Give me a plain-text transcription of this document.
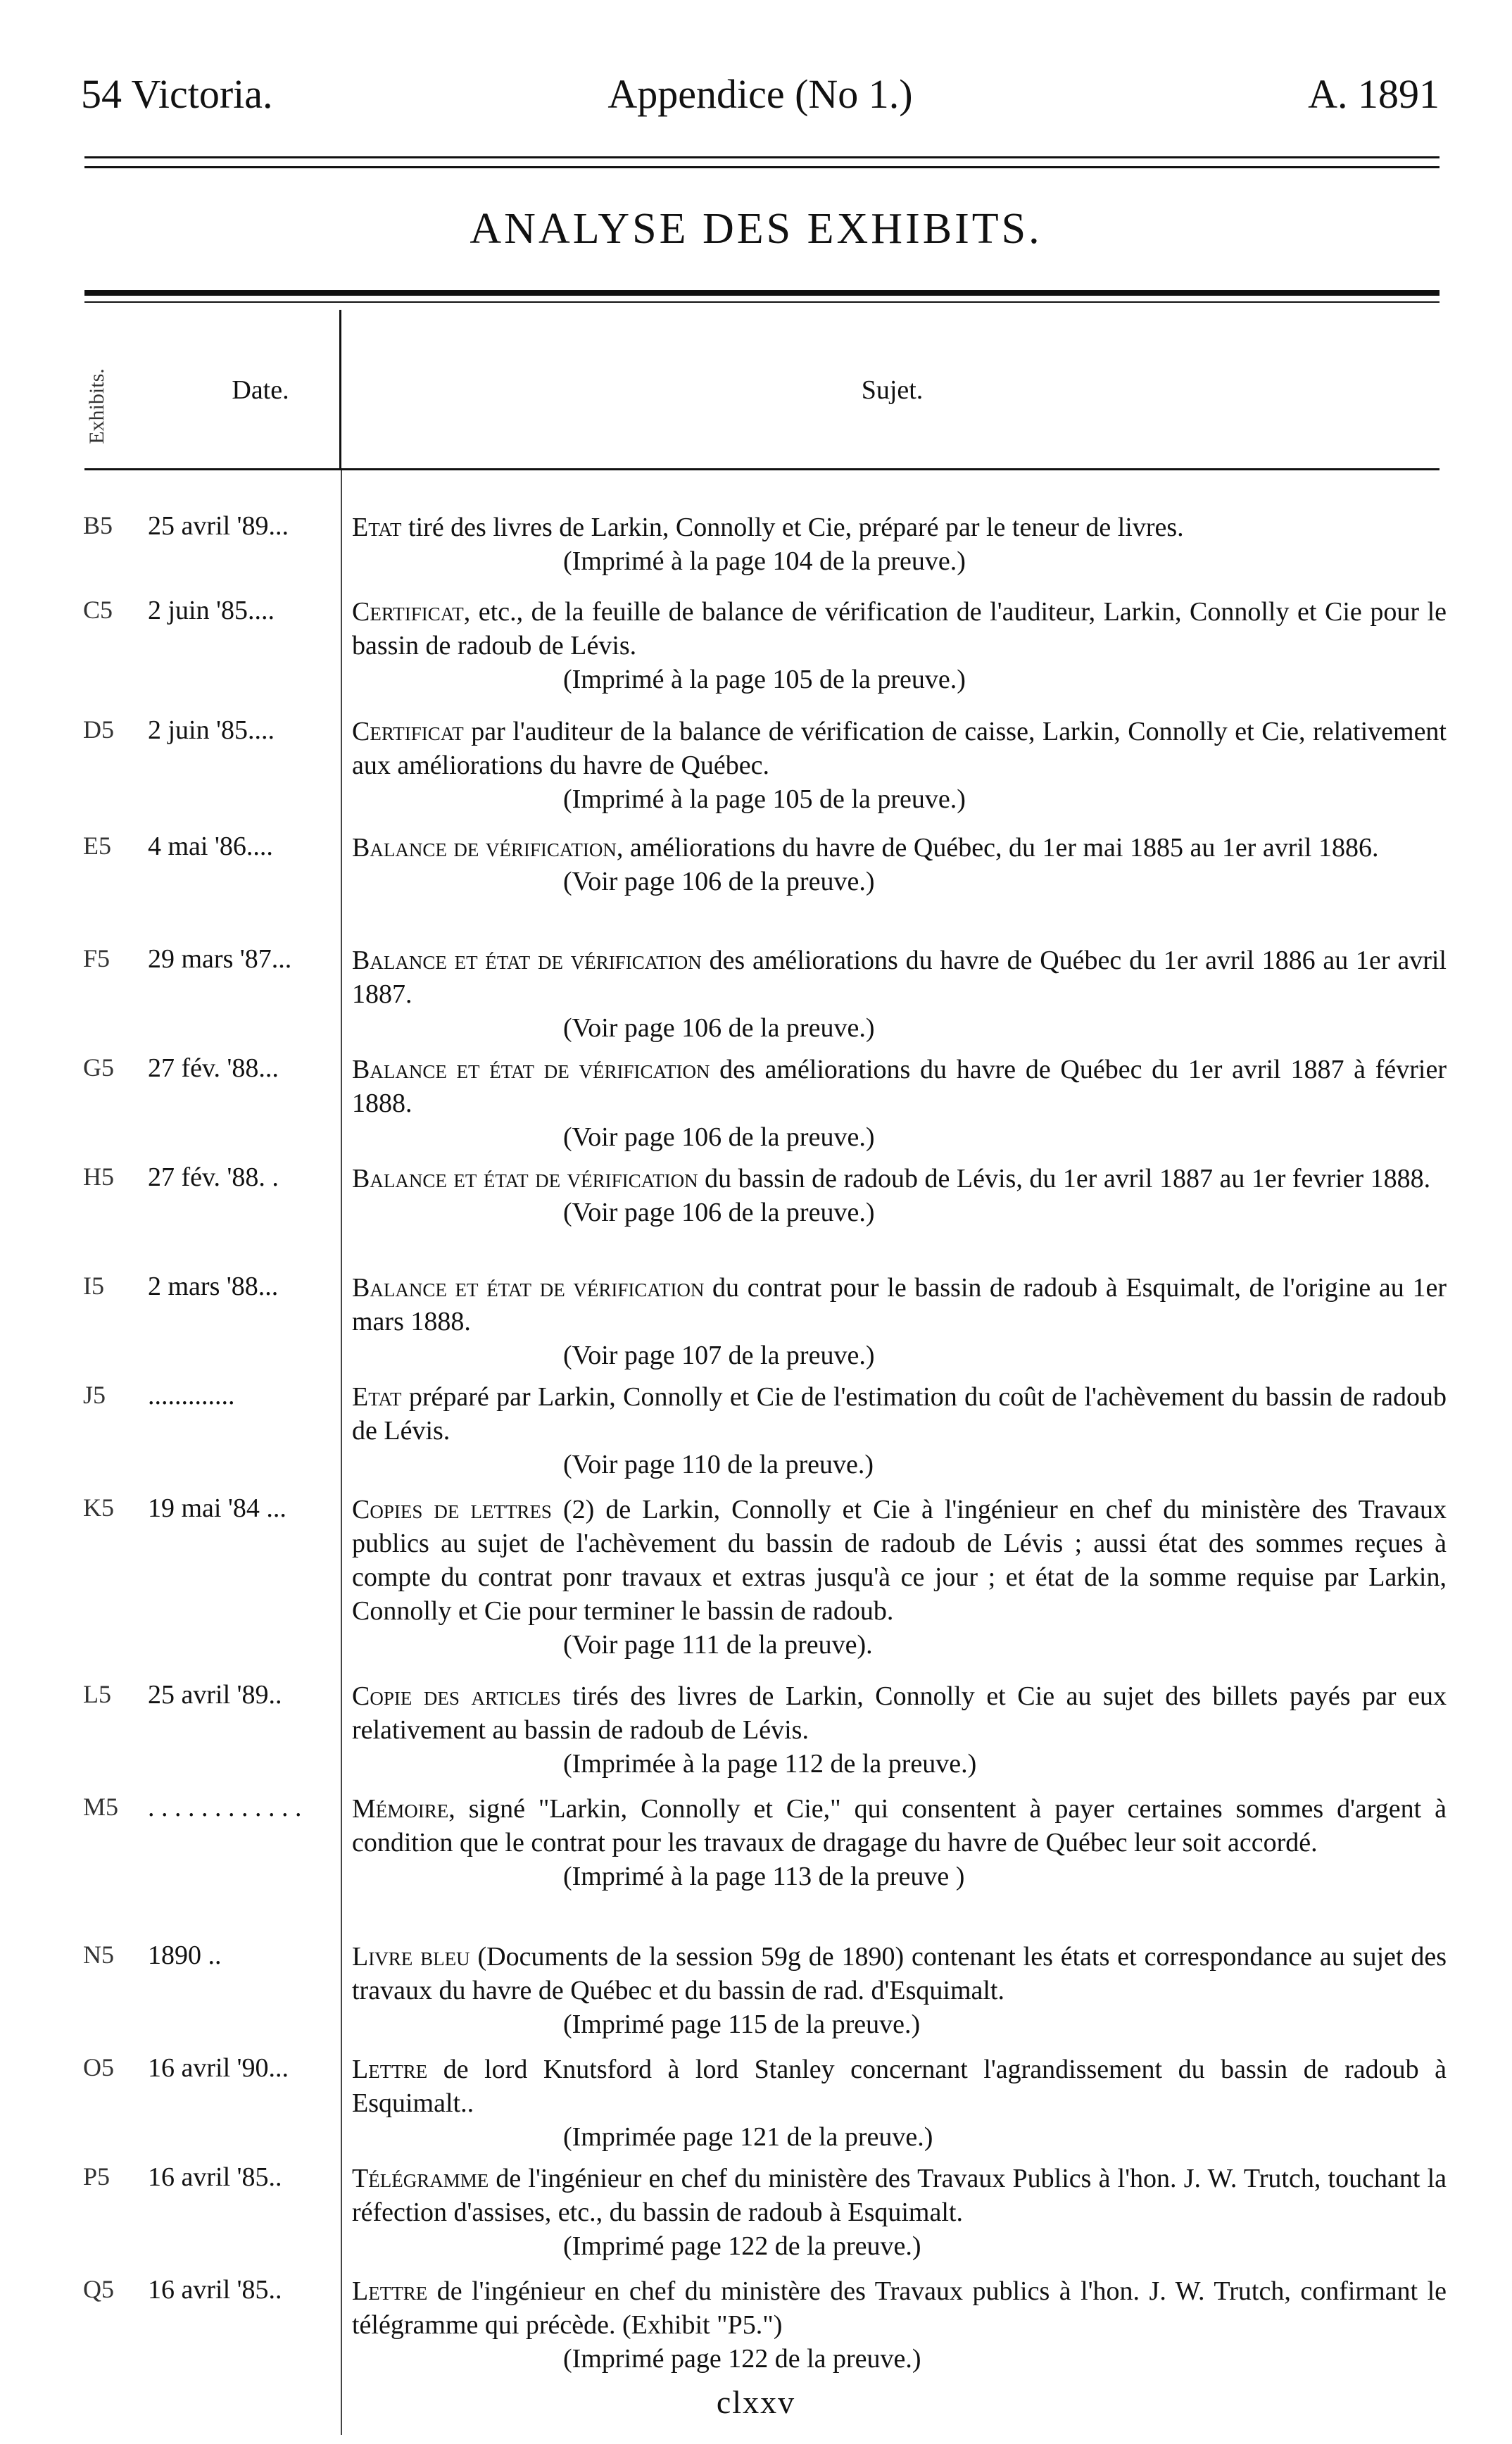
54 Victoria.	Appendice (No 1.)	A. 1891
ANALYSE DES EXHIBITS.
Exhibits.	Date.	Sujet.
B5	25 avril '89...	Etat tiré des livres de Larkin, Connolly et Cie, préparé par le teneur de livres.
(Imprimé à la page 104 de la preuve.)
C5	2 juin '85....	Certificat, etc., de la feuille de balance de vérification de l'auditeur, Larkin, Connolly et Cie pour le bassin de radoub de Lévis.
(Imprimé à la page 105 de la preuve.)
D5	2 juin '85....	Certificat par l'auditeur de la balance de vérification de caisse, Larkin, Connolly et Cie, relativement aux améliorations du havre de Québec.
(Imprimé à la page 105 de la preuve.)
E5	4 mai '86....	Balance de vérification, améliorations du havre de Québec, du 1er mai 1885 au 1er avril 1886.
(Voir page 106 de la preuve.)
F5	29 mars '87...	Balance et état de vérification des améliorations du havre de Québec du 1er avril 1886 au 1er avril 1887.
(Voir page 106 de la preuve.)
G5	27 fév. '88...	Balance et état de vérification des améliorations du havre de Québec du 1er avril 1887 à février 1888.
(Voir page 106 de la preuve.)
H5	27 fév. '88. .	Balance et état de vérification du bassin de radoub de Lévis, du 1er avril 1887 au 1er fevrier 1888.
(Voir page 106 de la preuve.)
I5	2 mars '88...	Balance et état de vérification du contrat pour le bassin de radoub à Esquimalt, de l'origine au 1er mars 1888.
(Voir page 107 de la preuve.)
J5	.............	Etat préparé par Larkin, Connolly et Cie de l'estimation du coût de l'achèvement du bassin de radoub de Lévis.
(Voir page 110 de la preuve.)
K5	19 mai '84 ...	Copies de lettres (2) de Larkin, Connolly et Cie à l'ingénieur en chef du ministère des Travaux publics au sujet de l'achèvement du bassin de radoub de Lévis ; aussi état des sommes reçues à compte du contrat ponr travaux et extras jusqu'à ce jour ; et état de la somme requise par Larkin, Connolly et Cie pour terminer le bassin de radoub.
(Voir page 111 de la preuve).
L5	25 avril '89..	Copie des articles tirés des livres de Larkin, Connolly et Cie au sujet des billets payés par eux relativement au bassin de radoub de Lévis.
(Imprimée à la page 112 de la preuve.)
M5	. . . . . . . . . . . .	Mémoire, signé "Larkin, Connolly et Cie," qui consentent à payer certaines sommes d'argent à condition que le contrat pour les travaux de dragage du havre de Québec leur soit accordé.
(Imprimé à la page 113 de la preuve )
N5	1890 ..	Livre bleu (Documents de la session 59g de 1890) contenant les états et correspondance au sujet des travaux du havre de Québec et du bassin de rad. d'Esquimalt.
(Imprimé page 115 de la preuve.)
O5	16 avril '90...	Lettre de lord Knutsford à lord Stanley concernant l'agrandissement du bassin de radoub à Esquimalt..
(Imprimée page 121 de la preuve.)
P5	16 avril '85..	Télégramme de l'ingénieur en chef du ministère des Travaux Publics à l'hon. J. W. Trutch, touchant la réfection d'assises, etc., du bassin de radoub à Esquimalt.
(Imprimé page 122 de la preuve.)
Q5	16 avril '85..	Lettre de l'ingénieur en chef du ministère des Travaux publics à l'hon. J. W. Trutch, confirmant le télégramme qui précède. (Exhibit "P5.")
(Imprimé page 122 de la preuve.)
clxxv
